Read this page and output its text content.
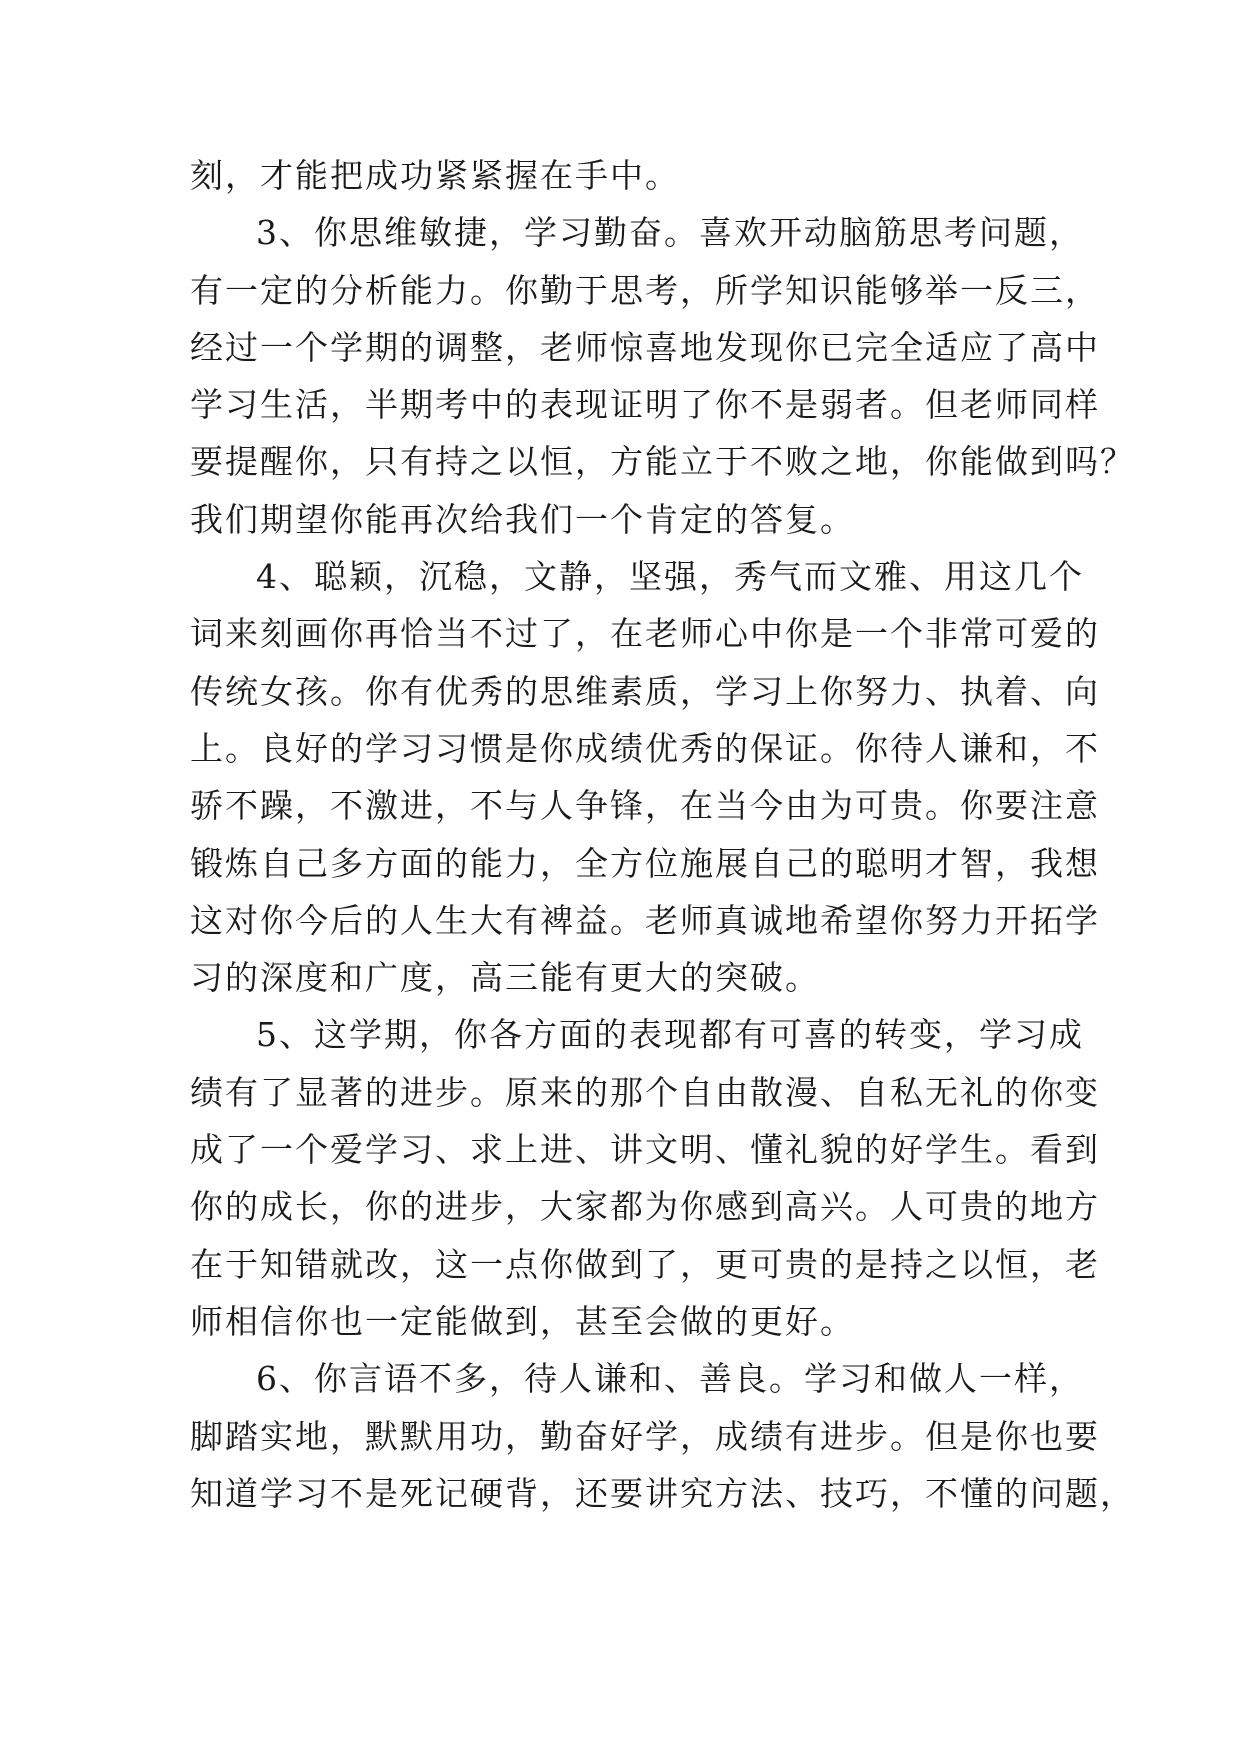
刻，才能把成功紧紧握在手中。
3、你思维敏捷，学习勤奋。喜欢开动脑筋思考问题，
有一定的分析能力。你勤于思考，所学知识能够举一反三，
经过一个学期的调整，老师惊喜地发现你已完全适应了高中
学习生活，半期考中的表现证明了你不是弱者。但老师同样
要提醒你，只有持之以恒，方能立于不败之地，你能做到吗？
我们期望你能再次给我们一个肯定的答复。
4、聪颖，沉稳，文静，坚强，秀气而文雅、用这几个
词来刻画你再恰当不过了，在老师心中你是一个非常可爱的
传统女孩。你有优秀的思维素质，学习上你努力、执着、向
上。良好的学习习惯是你成绩优秀的保证。你待人谦和，不
骄不躁，不激进，不与人争锋，在当今由为可贵。你要注意
锻炼自己多方面的能力，全方位施展自己的聪明才智，我想
这对你今后的人生大有裨益。老师真诚地希望你努力开拓学
习的深度和广度，高三能有更大的突破。
5、这学期，你各方面的表现都有可喜的转变，学习成
绩有了显著的进步。原来的那个自由散漫、自私无礼的你变
成了一个爱学习、求上进、讲文明、懂礼貌的好学生。看到
你的成长，你的进步，大家都为你感到高兴。人可贵的地方
在于知错就改，这一点你做到了，更可贵的是持之以恒，老
师相信你也一定能做到，甚至会做的更好。
6、你言语不多，待人谦和、善良。学习和做人一样，
脚踏实地，默默用功，勤奋好学，成绩有进步。但是你也要
知道学习不是死记硬背，还要讲究方法、技巧，不懂的问题，
